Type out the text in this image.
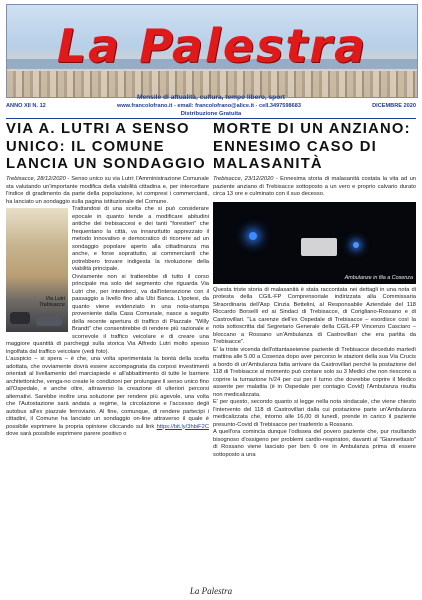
La Palestra
Mensile di attualità, cultura, tempo libero, sport
ANNO XII N. 12	www.francolofrano.it - email: francolofrano@alice.it - cell.3497598683	DICEMBRE 2020
Distribuzione Gratuita
VIA A. LUTRI A SENSO UNICO: IL COMUNE LANCIA UN SONDAGGIO

Trebisacce, 28/12/2020 - Senso unico su via Lutri: l'Amministrazione Comunale sta valutando un'importante modifica della viabilità cittadina e, per intercettare l'indice di gradimento da parte della popolazione, ivi compresi i commercianti, ha lanciato un sondaggio sulla pagina istituzionale del Comune.

Via Lutri
Trebisacce

Trattandosi di una scelta che si può considerare epocale in quanto tende a modificare abitudini antiche dei trebisaccesi e dei tanti "forestieri" che frequentano la città, va innanzitutto apprezzato il metodo innovativo e democratico di ricorrere ad un sondaggio popolare aperto alla cittadinanza ma anche, e forse soprattutto, ai commercianti che potrebbero trovare indigesta la rivoluzione della viabilità principale.

Ovviamente non si tratterebbe di tutto il corso principale ma solo del segmento che riguarda Via Lutri che, per intenderci, va dall'intersezione con il passaggio a livello fino alla Ubi Banca. L'ipotesi, da quanto viene evidenziato in una nota-stampa proveniente dalla Casa Comunale, nasce a seguito della recente apertura di traffico di Piazzale "Willy Brandt" che consentirebbe di rendere più razionale e scorrevole il traffico veicolare e di creare una maggiore quantità di parcheggi sulla storica Via Alfredo Lutri molto spesso ingolfata dal traffico veicolare (vedi foto).

L'auspicio – si spera – è che, una volta sperimentata la bontà della scelta adottata, che ovviamente dovrà essere accompagnata da corposi investimenti orientati al livellamento del marciapiede e all'abbattimento di tutte le barriere architettoniche, venga-no create le condizioni per prolungare il senso unico fino all'Ospedale, e anche oltre, attraverso la creazione di ulteriori percorsi alternativi. Sarebbe inoltre una soluzione per rendere più agevole, una volta che l'Autostazione sarà andata a regime, la circolazione e l'accesso degli autobus all'ex piazzale ferroviario. Al fine, comunque, di rendere partecipi i cittadini, il Comune ha lanciato un sondaggio on-line attraverso il quale è possibile esprimere la propria opinione cliccando sul link https://bit.ly/3hbiF2C dove sarà possibile esprimere parere positivo o

MORTE DI UN ANZIANO: ENNESIMO CASO DI MALASANITÀ

Trebisacce, 23/12/2020 - Ennesima storia di malasanità costata la vita ad un paziente anziano di Trebisacce sottoposto a un vero e proprio calvario durato circa 13 ore e culminato con il suo decesso.

Ambulanze in fila a Cosenza

Questa triste storia di malasanità è stata raccontata nei dettagli in una nota di protesta della CGIL-FP Comprensoriale indirizzata alla Commissaria Straordinaria dell'Asp Cinzia Bettelini, al Responsabile Aziendale del 118 Riccardo Borselli ed ai Sindaci di Trebisacce, di Corigliano-Rossano e di Castrovillari. "La carenze dell'ex Ospedale di Trebisacce – esordisce così la nota sottoscritta dal Segretario Generale della CGIL-FP Vincenzo Casciaro – bloccano a Rossano un'Ambulanza di Castrovillari che era partita da Trebisacce".

E' la triste vicenda dell'ottantaseienne paziente di Trebisacce deceduto martedì mattina alle 5.00 a Cosenza dopo aver percorso le stazioni della sua Via Crucis a bordo di un'Ambulanza fatta arrivare da Castrovillari perché la postazione del 118 di Trebisacce al momento può contare solo su 3 Medici che non riescono a coprire la turnazione h/24 per cui per il turno che dovrebbe coprire il Medico assente per malattia (è in Ospedale per contagio Covid) l'Ambulanza risulta non medicalizzata.

E' per questo, secondo quanto si legge nella nota sindacale, che viene chiesto l'intervento del 118 di Castrovillari dalla cui postazione parte un'Ambulanza medicalizzata che, intorno alle 16,00 di lunedì, prende in carico il paziente presunto-Covid di Trebisacce per trasferirlo a Rossano.

A quell'ora comincia dunque l'odissea del povero paziente che, pur risultando bisognoso d'ossigeno per problemi cardio-respiratori, davanti al "Giannettasio" di Rossano viene lasciato per ben 6 ore in Ambulanza prima di essere sottoposto a una

La Palestra
